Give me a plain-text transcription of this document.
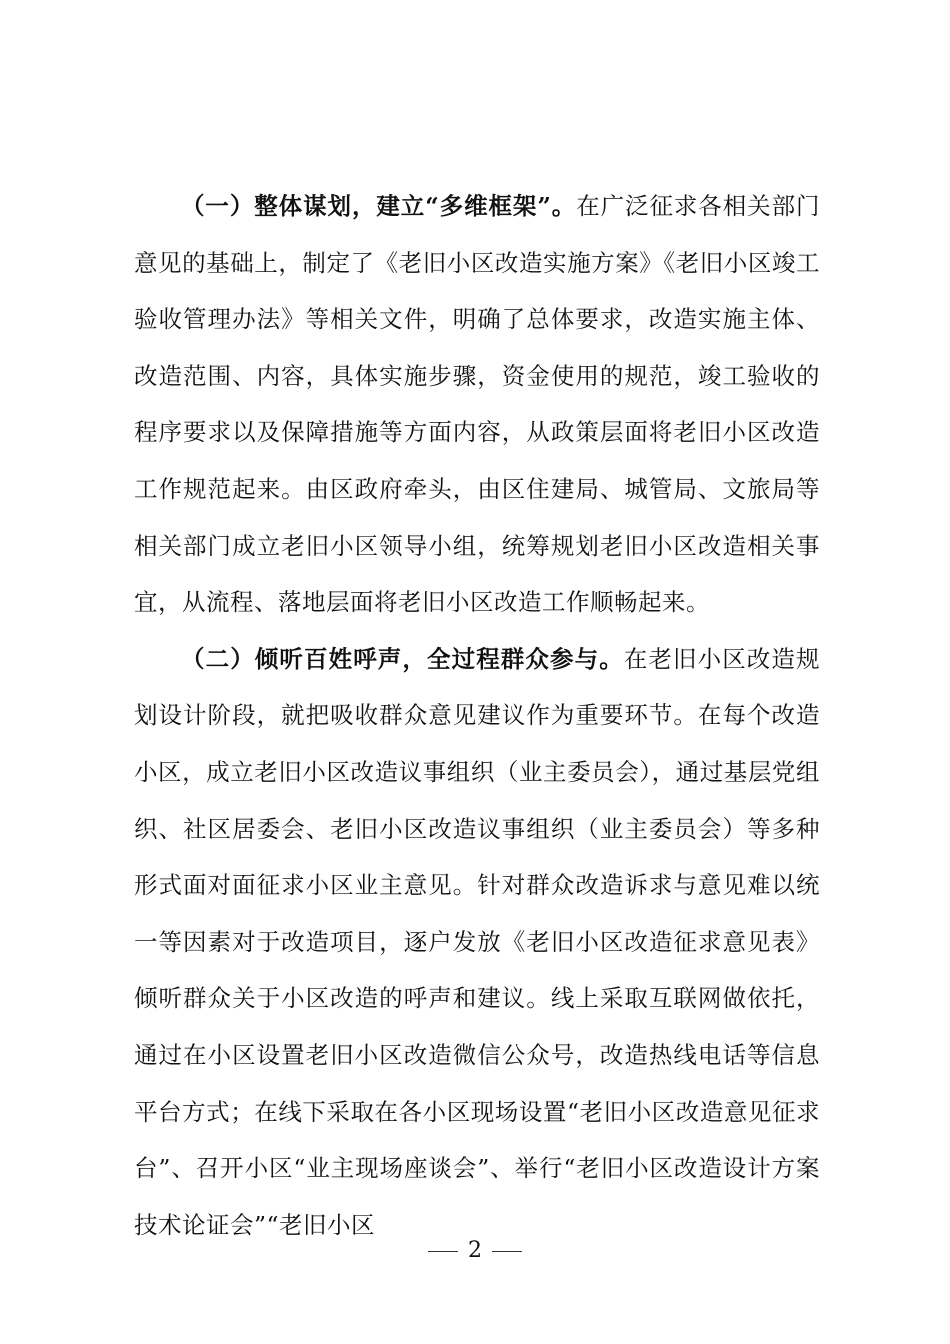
（一）整体谋划，建立“多维框架”。在广泛征求各相关部门意见的基础上，制定了《老旧小区改造实施方案》《老旧小区竣工验收管理办法》等相关文件，明确了总体要求，改造实施主体、改造范围、内容，具体实施步骤，资金使用的规范，竣工验收的程序要求以及保障措施等方面内容，从政策层面将老旧小区改造工作规范起来。由区政府牵头，由区住建局、城管局、文旅局等相关部门成立老旧小区领导小组，统筹规划老旧小区改造相关事宜，从流程、落地层面将老旧小区改造工作顺畅起来。

（二）倾听百姓呼声，全过程群众参与。在老旧小区改造规划设计阶段，就把吸收群众意见建议作为重要环节。在每个改造小区，成立老旧小区改造议事组织（业主委员会），通过基层党组织、社区居委会、老旧小区改造议事组织（业主委员会）等多种形式面对面征求小区业主意见。针对群众改造诉求与意见难以统一等因素对于改造项目，逐户发放《老旧小区改造征求意见表》倾听群众关于小区改造的呼声和建议。线上采取互联网做依托，通过在小区设置老旧小区改造微信公众号，改造热线电话等信息平台方式；在线下采取在各小区现场设置“老旧小区改造意见征求台”、召开小区“业主现场座谈会”、举行“老旧小区改造设计方案技术论证会”“老旧小区

2
